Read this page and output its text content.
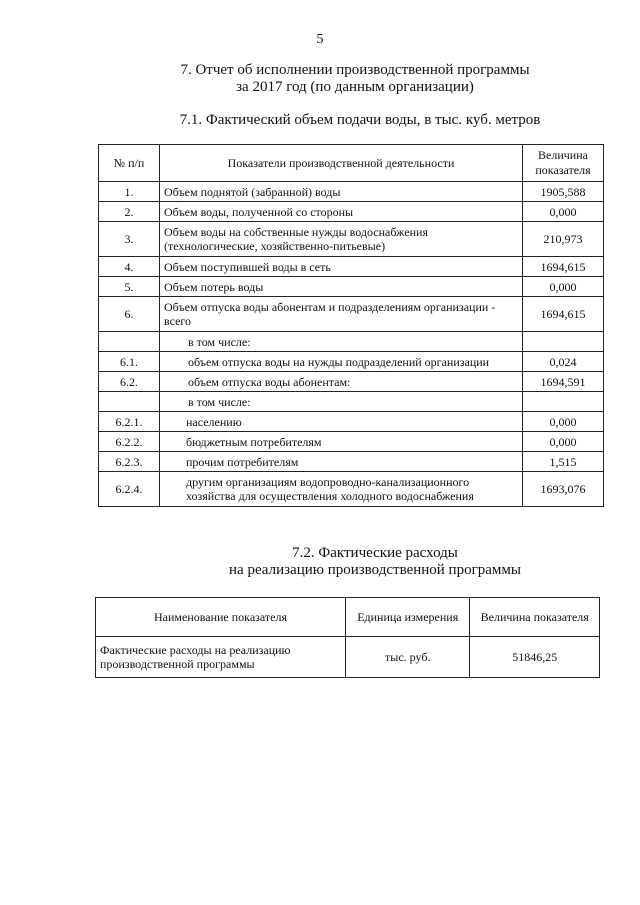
5
7. Отчет об исполнении производственной программы
за 2017 год (по данным организации)
7.1. Фактический объем подачи воды, в тыс. куб. метров
№ п/п	Показатели производственной деятельности	Величина
показателя

1.	Объем поднятой (забранной) воды	1905,588
2.	Объем воды, полученной со стороны	0,000
3.	Объем воды на собственные нужды водоснабжения
(технологические, хозяйственно-питьевые)	210,973
4.	Объем поступившей воды в сеть	1694,615
5.	Объем потерь воды	0,000
6.	Объем отпуска воды абонентам и подразделениям организации -
всего	1694,615
	в том числе:	
6.1.	объем отпуска воды на нужды подразделений организации	0,024
6.2.	объем отпуска воды абонентам:	1694,591
	в том числе:	
6.2.1.	населению	0,000
6.2.2.	бюджетным потребителям	0,000
6.2.3.	прочим потребителям	1,515
6.2.4.	другим организациям водопроводно-канализационного
хозяйства для осуществления холодного водоснабжения	1693,076
7.2. Фактические расходы
на реализацию производственной программы
Наименование показателя	Единица измерения	Величина показателя

Фактические расходы на реализацию
производственной программы	тыс. руб.	51846,25
